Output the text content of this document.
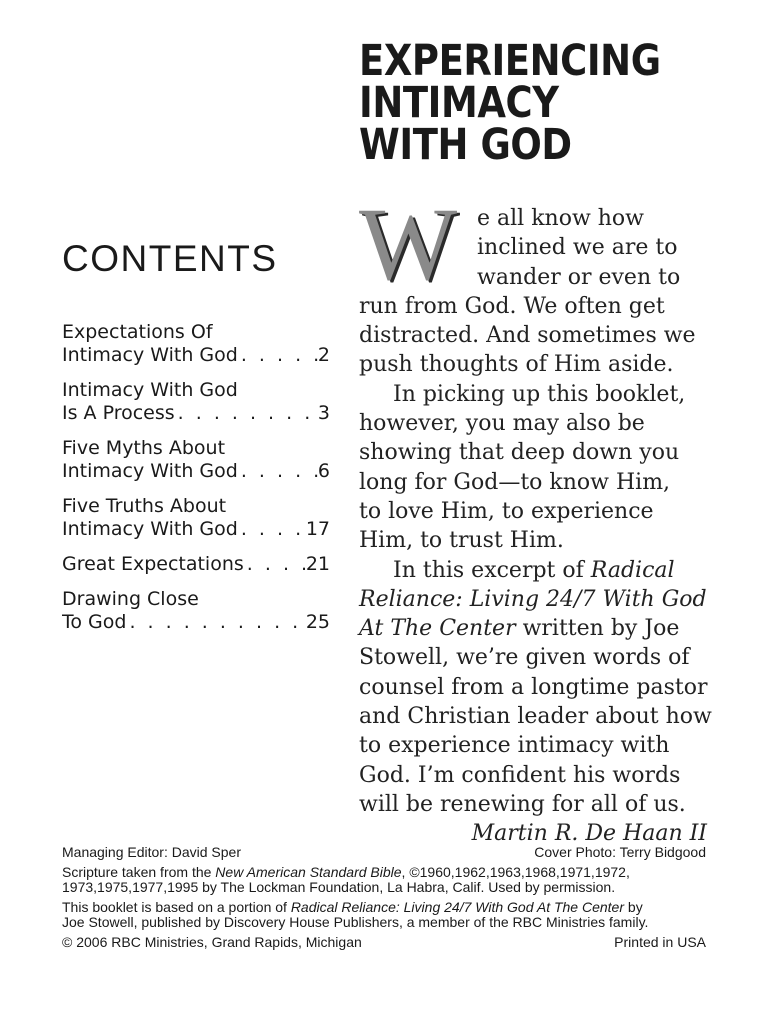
CONTENTS
Expectations Of
Intimacy With God . . .	2
Intimacy With God
Is A Process . . .	3
Five Myths About
Intimacy With God . . .	6
Five Truths About
Intimacy With God . . .	17
Great Expectations . . .	21
Drawing Close
To God . . .	25
EXPERIENCING
INTIMACY
WITH GOD
W e all know how
inclined we are to
wander or even to
run from God. We often get
distracted. And sometimes we
push thoughts of Him aside.
In picking up this booklet,
however, you may also be
showing that deep down you
long for God—to know Him,
to love Him, to experience
Him, to trust Him.
In this excerpt of Radical
Reliance: Living 24/7 With God
At The Center written by Joe
Stowell, we’re given words of
counsel from a longtime pastor
and Christian leader about how
to experience intimacy with
God. I’m confident his words
will be renewing for all of us.
Martin R. De Haan II
Managing Editor: David Sper	Cover Photo: Terry Bidgood

Scripture taken from the New American Standard Bible, ©1960,1962,1963,1968,1971,1972,
1973,1975,1977,1995 by The Lockman Foundation, La Habra, Calif. Used by permission.

This booklet is based on a portion of Radical Reliance: Living 24/7 With God At The Center by
Joe Stowell, published by Discovery House Publishers, a member of the RBC Ministries family.

© 2006 RBC Ministries, Grand Rapids, Michigan	Printed in USA
